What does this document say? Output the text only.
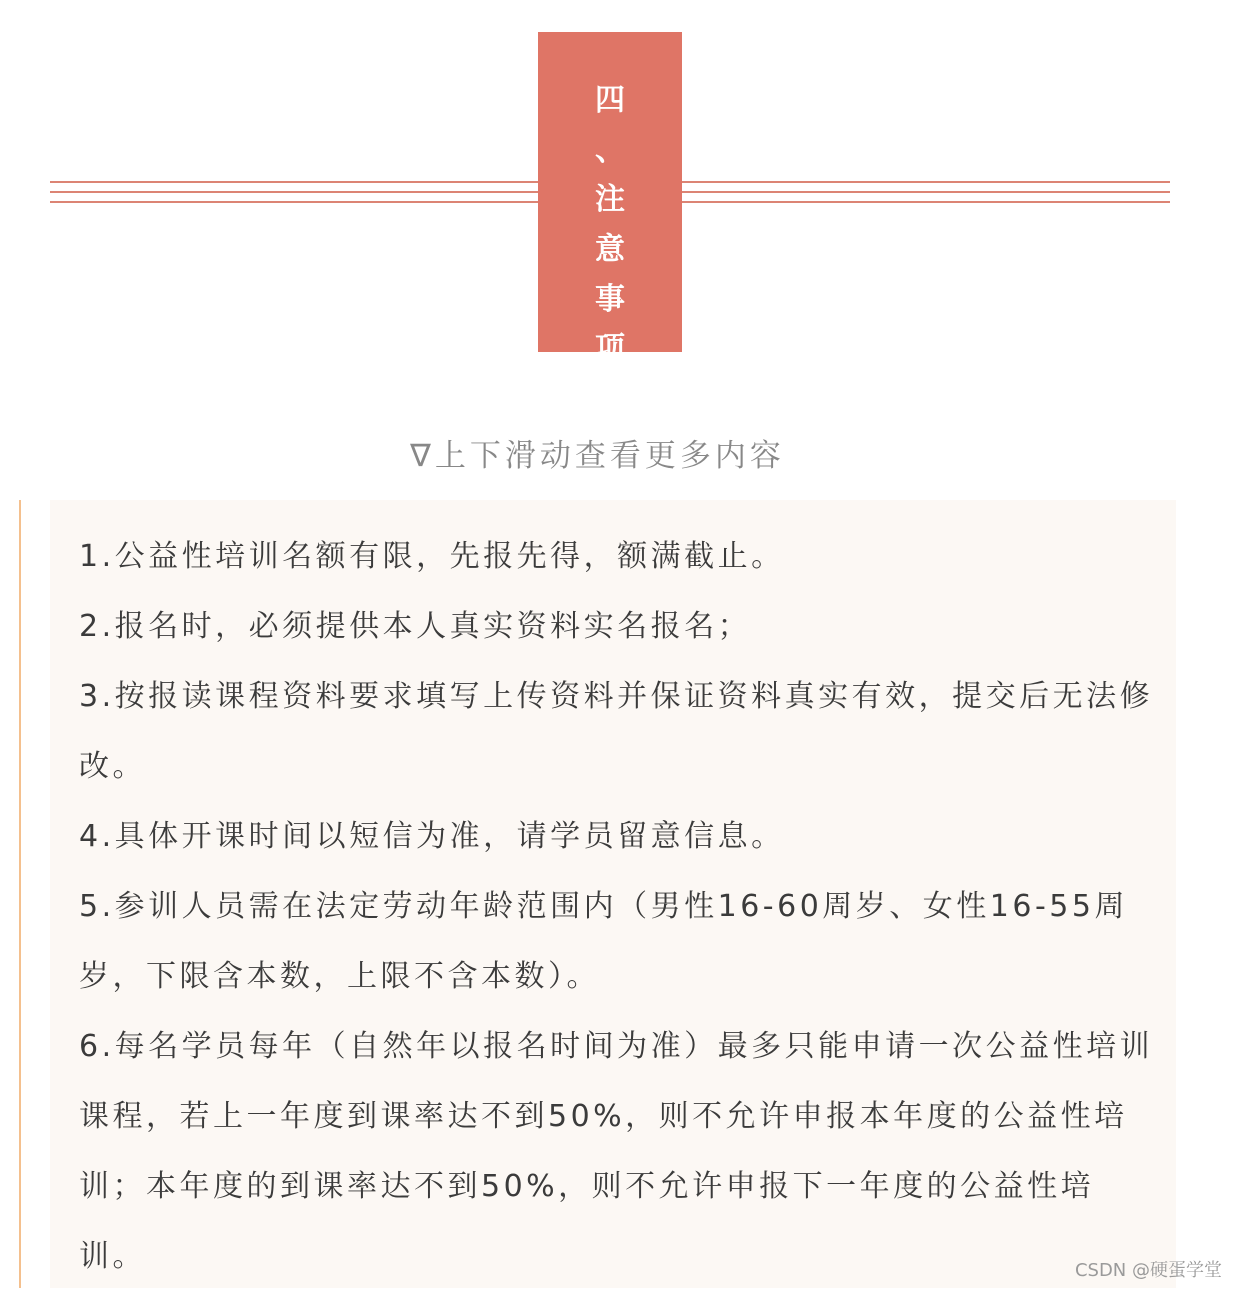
四
、
注
意
事
项
∇上下滑动查看更多内容

1.公益性培训名额有限，先报先得，额满截止。

2.报名时，必须提供本人真实资料实名报名；

3.按报读课程资料要求填写上传资料并保证资料真实有效，提交后无法修改。

4.具体开课时间以短信为准，请学员留意信息。

5.参训人员需在法定劳动年龄范围内（男性16-60周岁、女性16-55周岁，下限含本数，上限不含本数）。

6.每名学员每年（自然年以报名时间为准）最多只能申请一次公益性培训课程，若上一年度到课率达不到50%，则不允许申报本年度的公益性培训；本年度的到课率达不到50%，则不允许申报下一年度的公益性培训。	CSDN @硬蛋学堂
